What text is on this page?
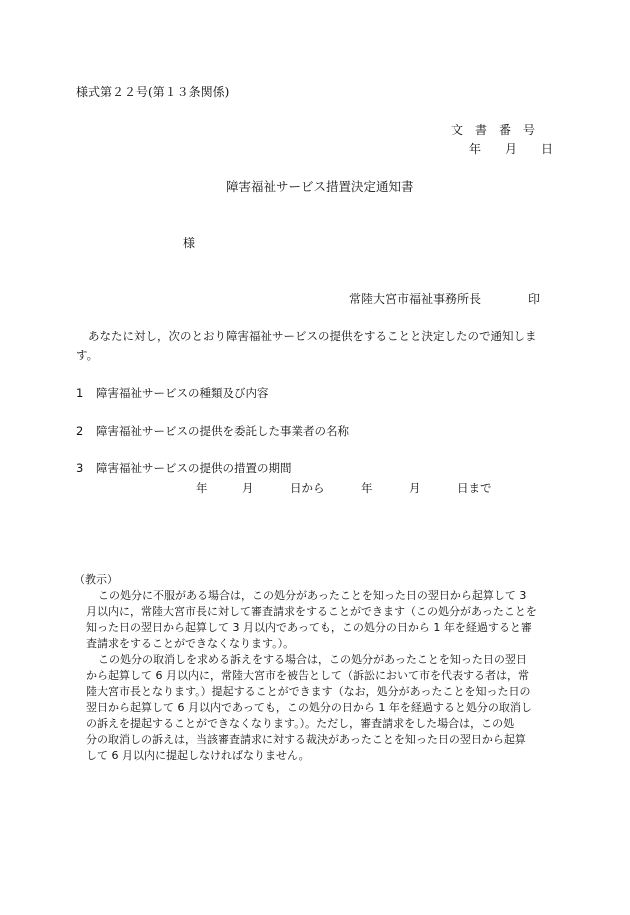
様式第２２号(第１３条関係)
文　書　番　号
年　　月　　日
障害福祉サービス措置決定通知書
様
常陸大宮市福祉事務所長	印
あなたに対し，次のとおり障害福祉サービスの提供をすることと決定したので通知しま
す。
1 障害福祉サービスの種類及び内容
2 障害福祉サービスの提供を委託した事業者の名称
3 障害福祉サービスの提供の措置の期間
年	月	日から	年	月	日まで
（教示）
この処分に不服がある場合は，この処分があったことを知った日の翌日から起算して 3
月以内に，常陸大宮市長に対して審査請求をすることができます（この処分があったことを
知った日の翌日から起算して 3 月以内であっても，この処分の日から 1 年を経過すると審
査請求をすることができなくなります。）。
この処分の取消しを求める訴えをする場合は，この処分があったことを知った日の翌日
から起算して 6 月以内に，常陸大宮市を被告として（訴訟において市を代表する者は，常
陸大宮市長となります。）提起することができます（なお，処分があったことを知った日の
翌日から起算して 6 月以内であっても，この処分の日から 1 年を経過すると処分の取消し
の訴えを提起することができなくなります。）。ただし，審査請求をした場合は，この処
分の取消しの訴えは，当該審査請求に対する裁決があったことを知った日の翌日から起算
して 6 月以内に提起しなければなりません。
